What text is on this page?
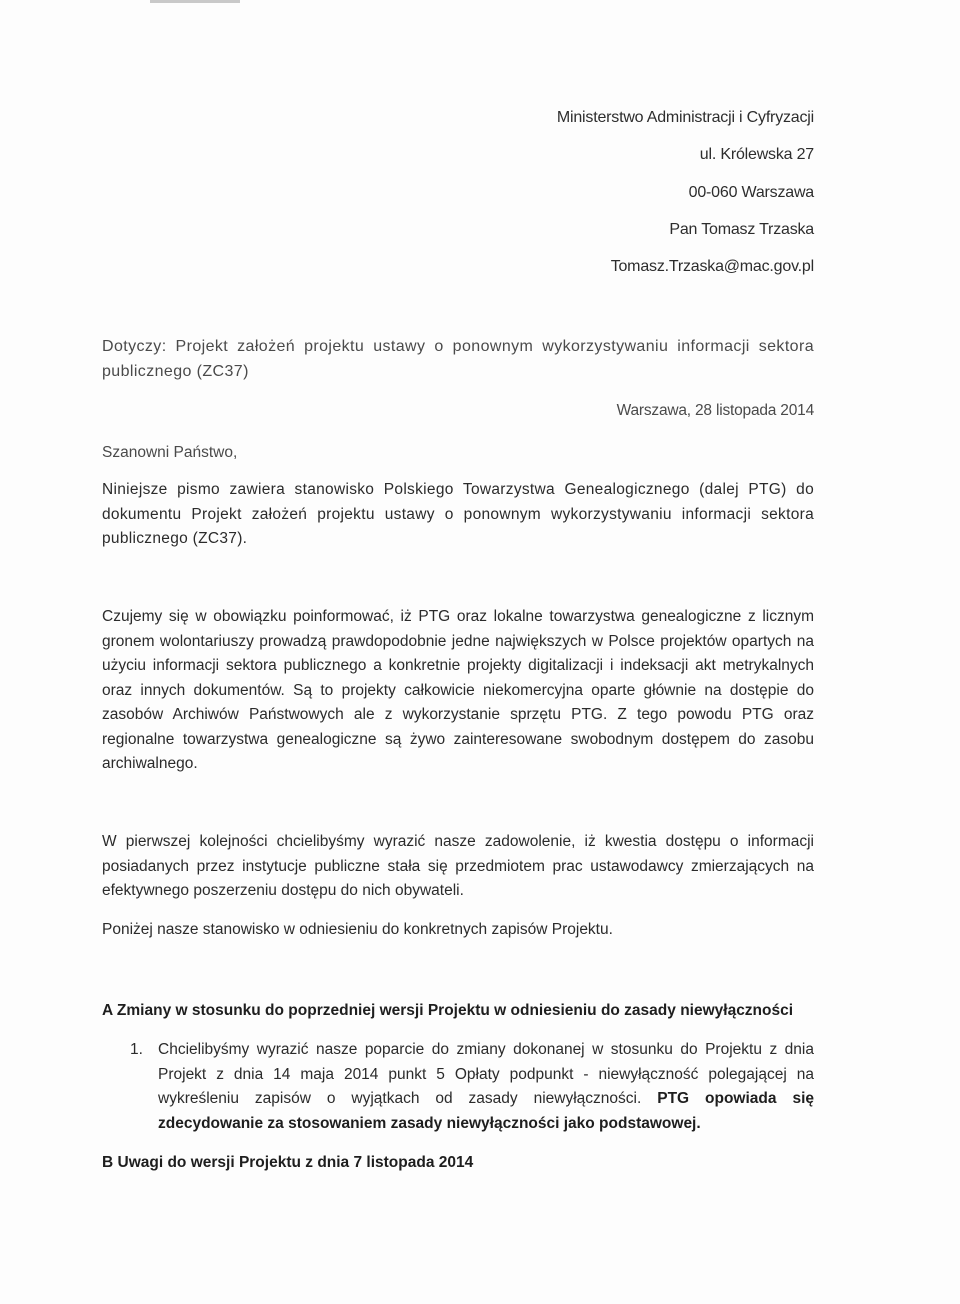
Ministerstwo Administracji i Cyfryzacji
ul. Królewska 27
00-060 Warszawa
Pan Tomasz Trzaska
Tomasz.Trzaska@mac.gov.pl
Dotyczy: Projekt założeń projektu ustawy o ponownym wykorzystywaniu informacji sektora publicznego (ZC37)
Warszawa, 28 listopada 2014
Szanowni Państwo,
Niniejsze pismo zawiera stanowisko Polskiego Towarzystwa Genealogicznego (dalej PTG) do dokumentu Projekt założeń projektu ustawy o ponownym wykorzystywaniu informacji sektora publicznego (ZC37).
Czujemy się w obowiązku poinformować, iż PTG oraz lokalne towarzystwa genealogiczne z licznym gronem wolontariuszy prowadzą prawdopodobnie jedne największych w Polsce projektów opartych na użyciu informacji sektora publicznego a konkretnie projekty digitalizacji i indeksacji akt metrykalnych oraz innych dokumentów. Są to projekty całkowicie niekomercyjna oparte głównie na dostępie do zasobów Archiwów Państwowych ale z wykorzystanie sprzętu PTG. Z tego powodu PTG oraz regionalne towarzystwa genealogiczne są żywo zainteresowane swobodnym dostępem do zasobu archiwalnego.
W pierwszej kolejności chcielibyśmy wyrazić nasze zadowolenie, iż kwestia dostępu o informacji posiadanych przez instytucje publiczne stała się przedmiotem prac ustawodawcy zmierzających na efektywnego poszerzeniu dostępu do nich obywateli.
Poniżej nasze stanowisko w odniesieniu do konkretnych zapisów Projektu.
A Zmiany w stosunku do poprzedniej wersji Projektu w odniesieniu do zasady niewyłączności
1. Chcielibyśmy wyrazić nasze poparcie do zmiany dokonanej w stosunku do Projektu z dnia Projekt z dnia 14 maja 2014 punkt 5 Opłaty podpunkt - niewyłączność polegającej na wykreśleniu zapisów o wyjątkach od zasady niewyłączności. PTG opowiada się zdecydowanie za stosowaniem zasady niewyłączności jako podstawowej.
B Uwagi do wersji Projektu z dnia 7 listopada 2014
